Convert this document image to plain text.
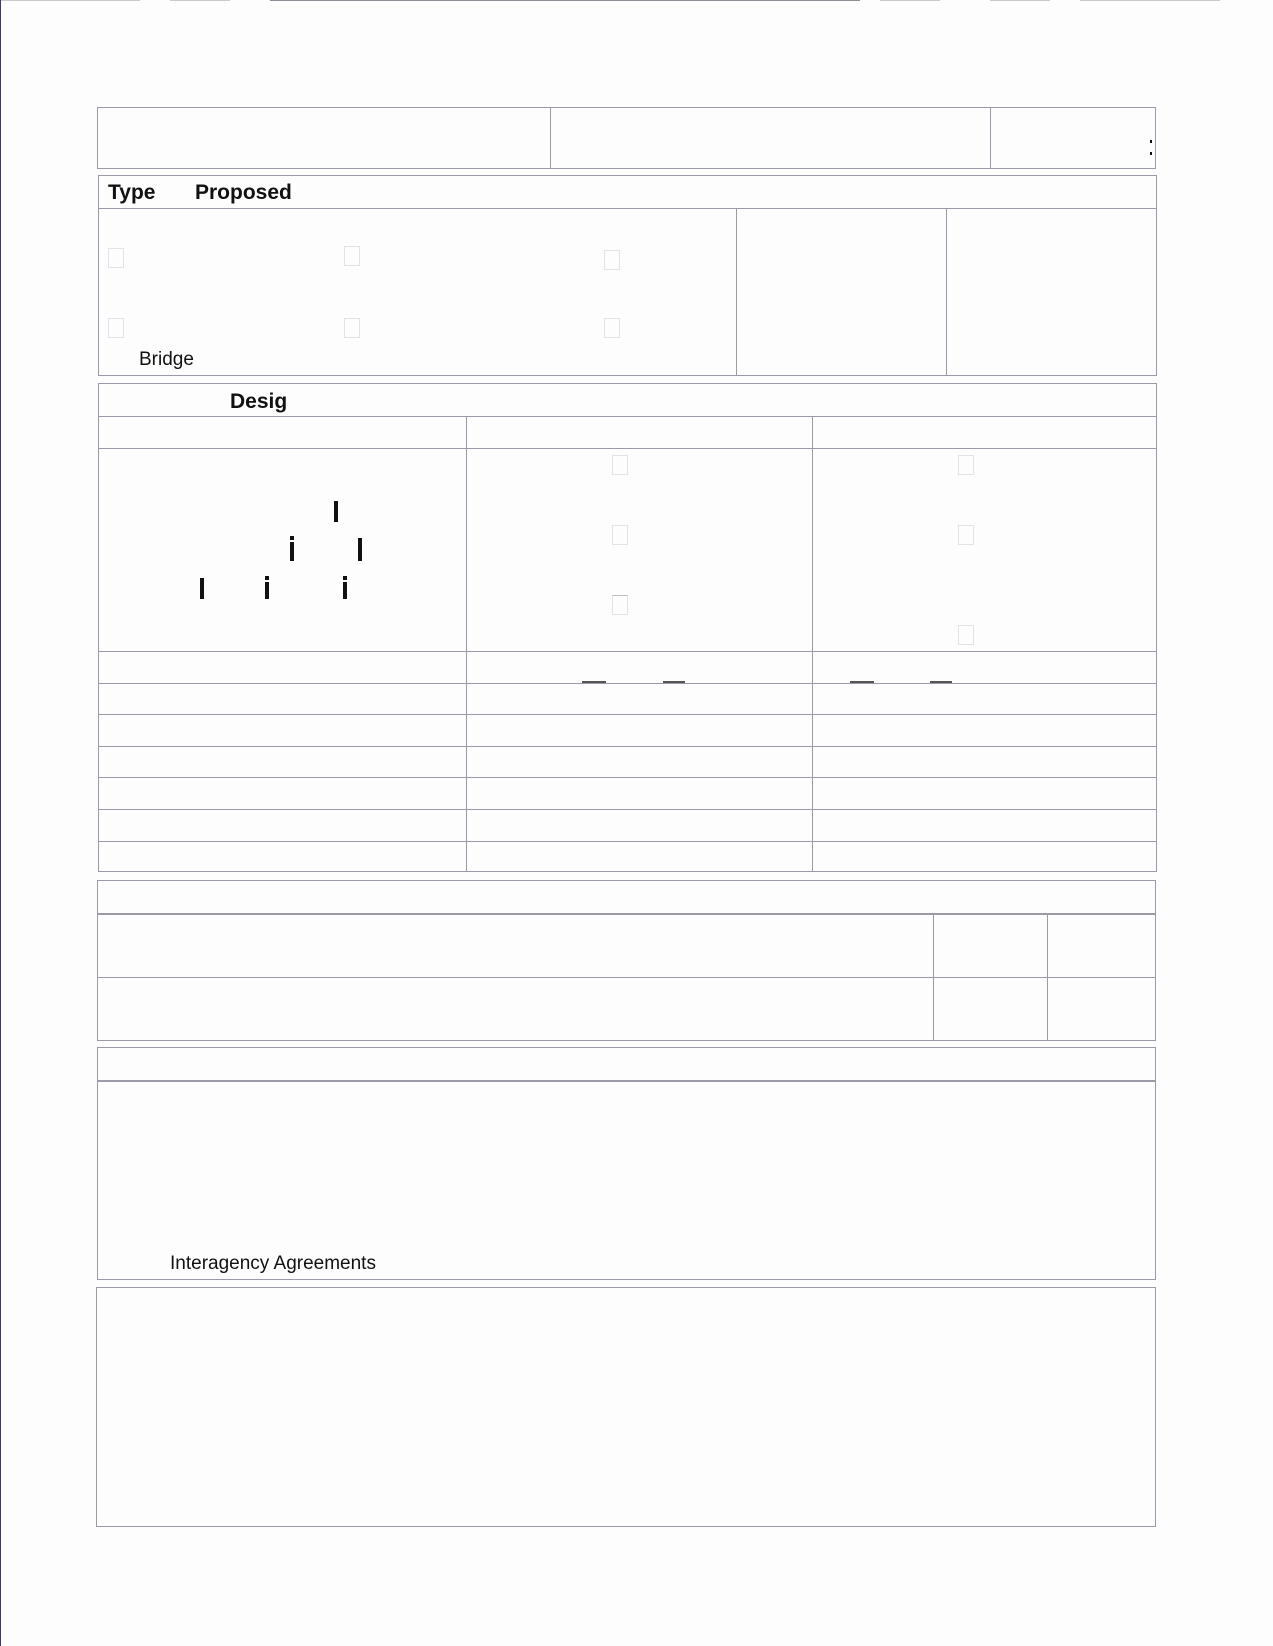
Type Proposed
Bridge
Desig
Interagency Agreements
